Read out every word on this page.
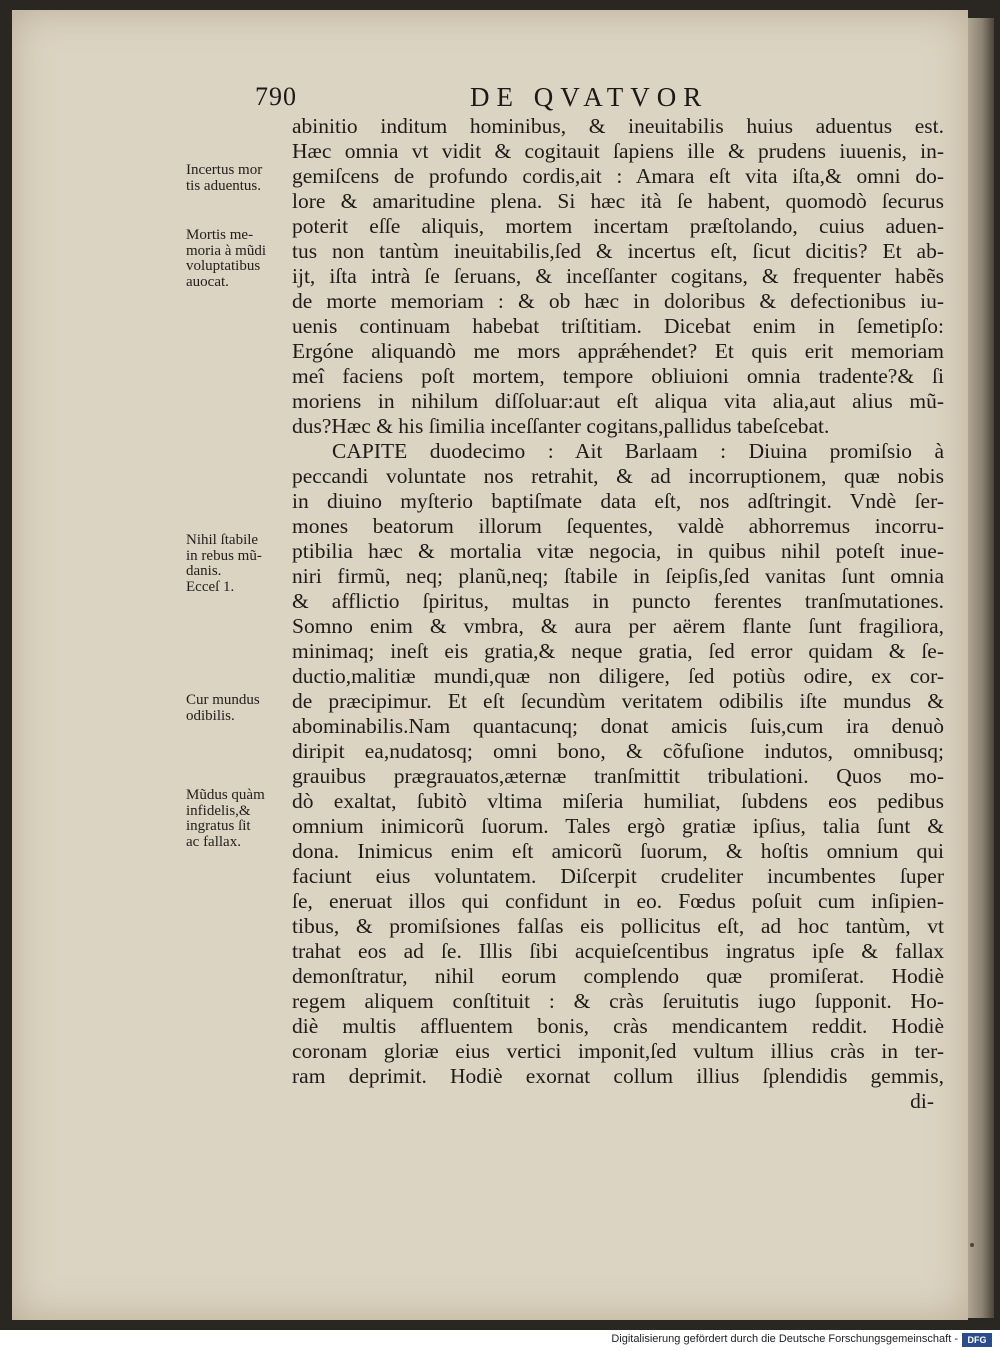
790	DE QVATVOR
abinitio inditum hominibus, & ineuitabilis huius aduentus est.
Hæc omnia vt vidit & cogitauit ſapiens ille & prudens iuuenis, in-
gemiſcens de profundo cordis,ait : Amara eſt vita iſta,& omni do-
lore & amaritudine plena. Si hæc ità ſe habent, quomodò ſecurus
poterit eſſe aliquis, mortem incertam præſtolando, cuius aduen-
tus non tantùm ineuitabilis,ſed & incertus eſt, ſicut dicitis? Et ab-
ijt, iſta intrà ſe ſeruans, & inceſſanter cogitans, & frequenter habẽs
de morte memoriam : & ob hæc in doloribus & defectionibus iu-
uenis continuam habebat triſtitiam. Dicebat enim in ſemetipſo:
Ergóne aliquandò me mors apprǽhendet? Et quis erit memoriam
meî faciens poſt mortem, tempore obliuioni omnia tradente?& ſi
moriens in nihilum diſſoluar:aut eſt aliqua vita alia,aut alius mũ-
dus?Hæc & his ſimilia inceſſanter cogitans,pallidus tabeſcebat.
CAPITE duodecimo : Ait Barlaam : Diuina promiſsio à
peccandi voluntate nos retrahit, & ad incorruptionem, quæ nobis
in diuino myſterio baptiſmate data eſt, nos adſtringit. Vndè ſer-
mones beatorum illorum ſequentes, valdè abhorremus incorru-
ptibilia hæc & mortalia vitæ negocia, in quibus nihil poteſt inue-
niri firmũ, neq; planũ,neq; ſtabile in ſeipſis,ſed vanitas ſunt omnia
& afflictio ſpiritus, multas in puncto ferentes tranſmutationes.
Somno enim & vmbra, & aura per aërem flante ſunt fragiliora,
minimaq; ineſt eis gratia,& neque gratia, ſed error quidam & ſe-
ductio,malitiæ mundi,quæ non diligere, ſed potiùs odire, ex cor-
de præcipimur. Et eſt ſecundùm veritatem odibilis iſte mundus &
abominabilis.Nam quantacunq; donat amicis ſuis,cum ira denuò
diripit ea,nudatosq; omni bono, & cõfuſione indutos, omnibusq;
grauibus prægrauatos,æternæ tranſmittit tribulationi. Quos mo-
dò exaltat, ſubitò vltima miſeria humiliat, ſubdens eos pedibus
omnium inimicorũ ſuorum. Tales ergò gratiæ ipſius, talia ſunt &
dona. Inimicus enim eſt amicorũ ſuorum, & hoſtis omnium qui
faciunt eius voluntatem. Diſcerpit crudeliter incumbentes ſuper
ſe, eneruat illos qui confidunt in eo. Fœdus poſuit cum inſipien-
tibus, & promiſsiones falſas eis pollicitus eſt, ad hoc tantùm, vt
trahat eos ad ſe. Illis ſibi acquieſcentibus ingratus ipſe & fallax
demonſtratur, nihil eorum complendo quæ promiſerat. Hodiè
regem aliquem conſtituit : & cràs ſeruitutis iugo ſupponit. Ho-
diè multis affluentem bonis, cràs mendicantem reddit. Hodiè
coronam gloriæ eius vertici imponit,ſed vultum illius cràs in ter-
ram deprimit. Hodiè exornat collum illius ſplendidis gemmis,
di-
Incertus mor
tis aduentus.
Mortis me-
moria à mũdi
voluptatibus
auocat.
Nihil ſtabile
in rebus mũ-
danis.
Ecceſ 1.
Cur mundus
odibilis.
Mũdus quàm
infidelis,&
ingratus ſit
ac fallax.
Digitalisierung gefördert durch die Deutsche Forschungsgemeinschaft -	DFG
